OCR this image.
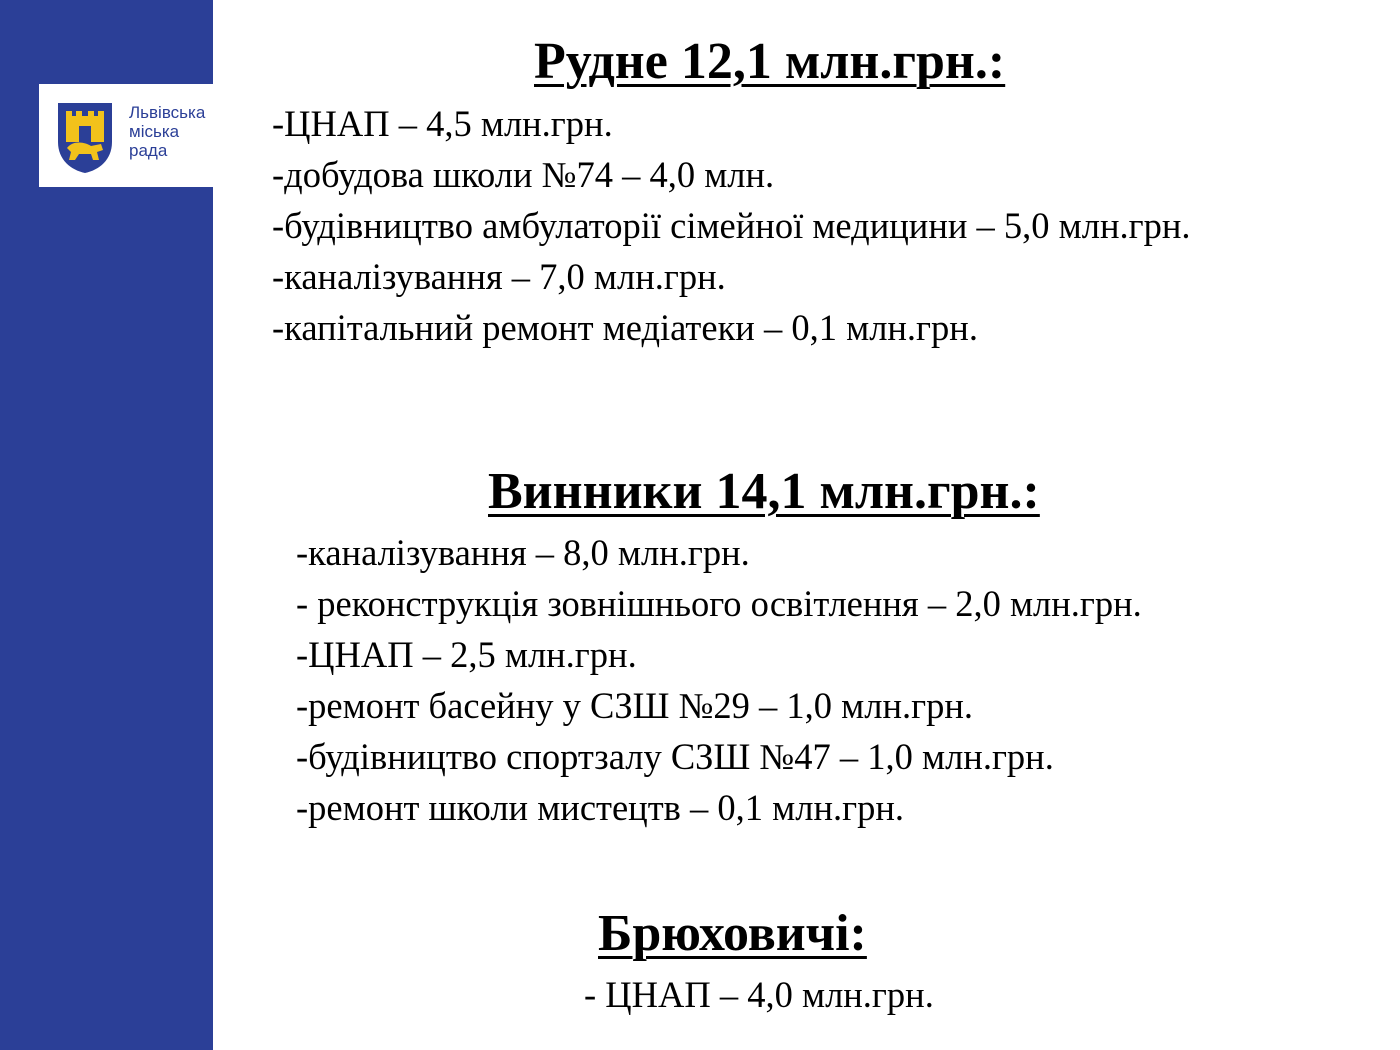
Львівська
міська
рада
Рудне 12,1 млн.грн.:
-ЦНАП – 4,5 млн.грн.
-добудова школи №74 – 4,0 млн.
-будівництво амбулаторії сімейної медицини – 5,0 млн.грн.
-каналізування – 7,0 млн.грн.
-капітальний ремонт медіатеки – 0,1 млн.грн.
Винники 14,1 млн.грн.:
-каналізування – 8,0 млн.грн.
- реконструкція зовнішнього освітлення – 2,0 млн.грн.
-ЦНАП – 2,5 млн.грн.
-ремонт басейну у СЗШ №29 – 1,0 млн.грн.
-будівництво спортзалу СЗШ №47 – 1,0 млн.грн.
-ремонт школи мистецтв – 0,1 млн.грн.
Брюховичі:
- ЦНАП – 4,0 млн.грн.
